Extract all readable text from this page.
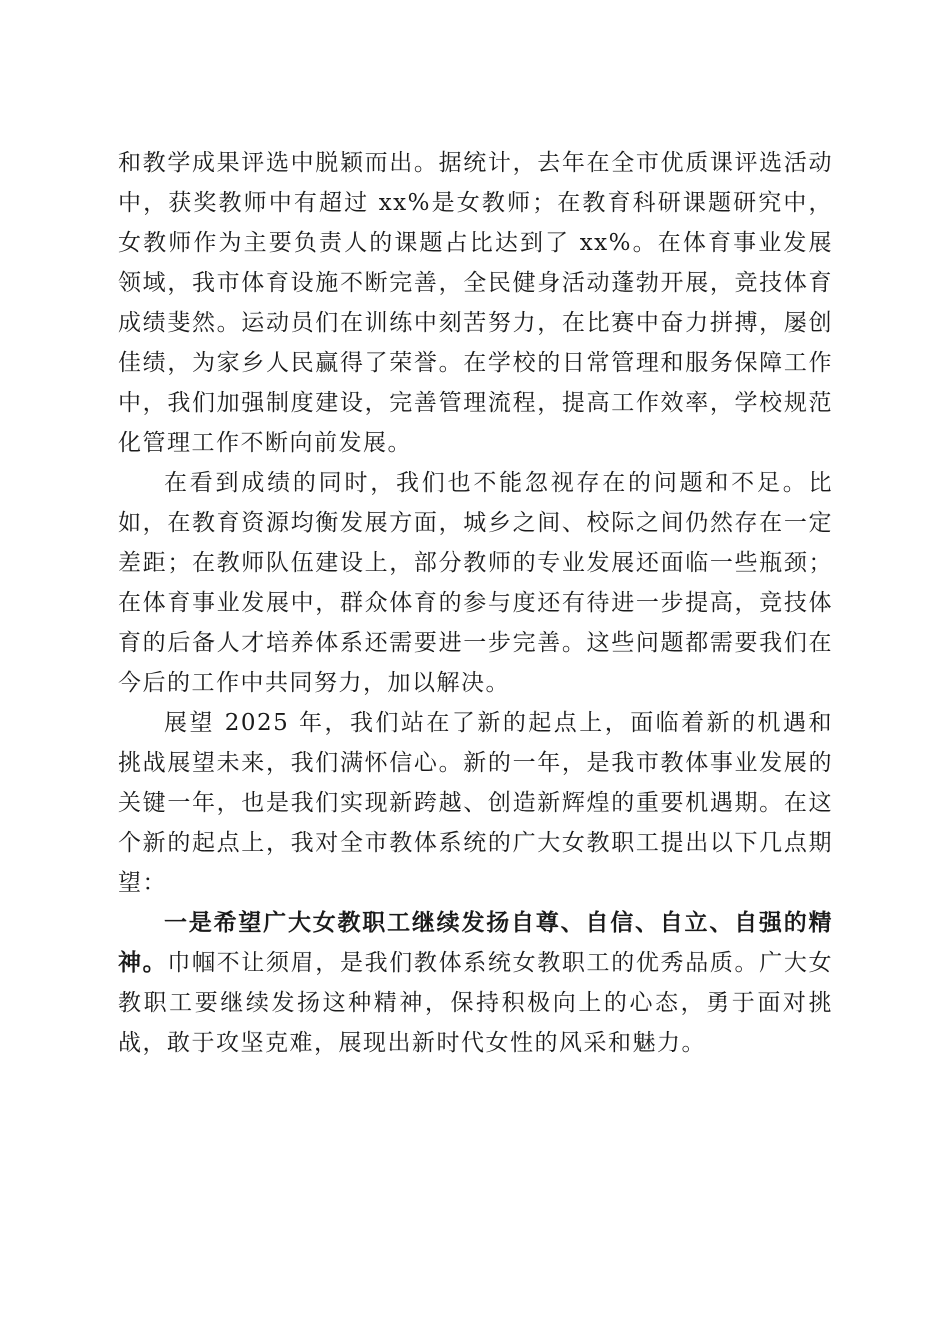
和教学成果评选中脱颖而出。据统计，去年在全市优质课评选活动中，获奖教师中有超过 xx%是女教师；在教育科研课题研究中，女教师作为主要负责人的课题占比达到了 xx%。在体育事业发展领域，我市体育设施不断完善，全民健身活动蓬勃开展，竞技体育成绩斐然。运动员们在训练中刻苦努力，在比赛中奋力拼搏，屡创佳绩，为家乡人民赢得了荣誉。在学校的日常管理和服务保障工作中，我们加强制度建设，完善管理流程，提高工作效率，学校规范化管理工作不断向前发展。

在看到成绩的同时，我们也不能忽视存在的问题和不足。比如，在教育资源均衡发展方面，城乡之间、校际之间仍然存在一定差距；在教师队伍建设上，部分教师的专业发展还面临一些瓶颈；在体育事业发展中，群众体育的参与度还有待进一步提高，竞技体育的后备人才培养体系还需要进一步完善。这些问题都需要我们在今后的工作中共同努力，加以解决。

展望 2025 年，我们站在了新的起点上，面临着新的机遇和挑战展望未来，我们满怀信心。新的一年，是我市教体事业发展的关键一年，也是我们实现新跨越、创造新辉煌的重要机遇期。在这个新的起点上，我对全市教体系统的广大女教职工提出以下几点期望：

一是希望广大女教职工继续发扬自尊、自信、自立、自强的精神。巾帼不让须眉，是我们教体系统女教职工的优秀品质。广大女教职工要继续发扬这种精神，保持积极向上的心态，勇于面对挑战，敢于攻坚克难，展现出新时代女性的风采和魅力。
